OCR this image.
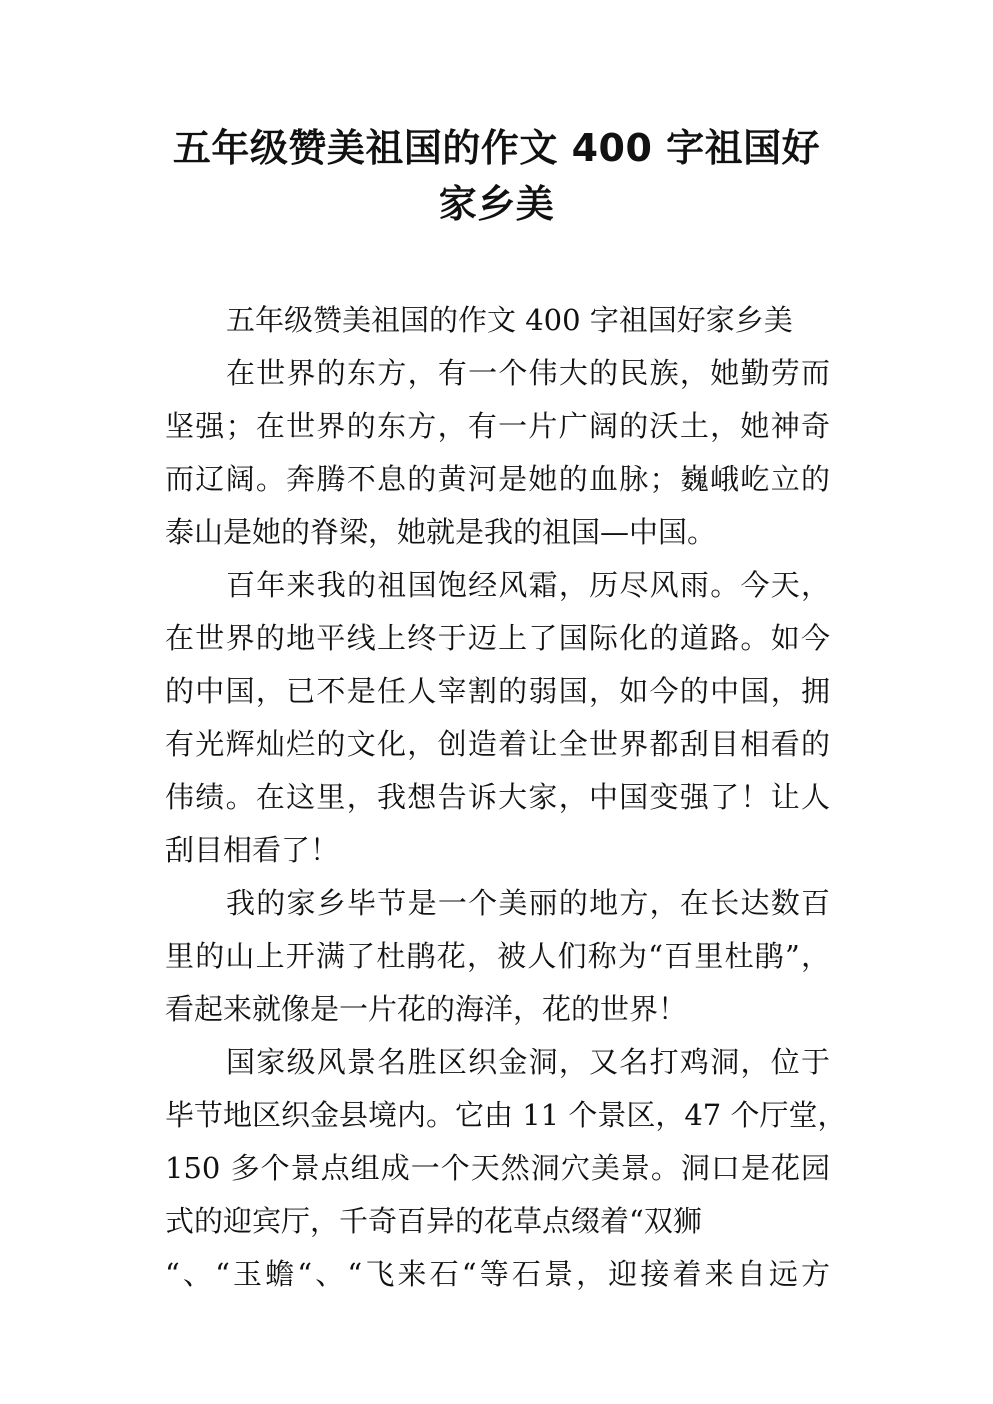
五年级赞美祖国的作文 400 字祖国好
家乡美
五年级赞美祖国的作文 400 字祖国好家乡美
在世界的东方，有一个伟大的民族，她勤劳而
坚强；在世界的东方，有一片广阔的沃土，她神奇
而辽阔。奔腾不息的黄河是她的血脉；巍峨屹立的
泰山是她的脊梁，她就是我的祖国—中国。
百年来我的祖国饱经风霜，历尽风雨。今天，
在世界的地平线上终于迈上了国际化的道路。如今
的中国，已不是任人宰割的弱国，如今的中国，拥
有光辉灿烂的文化，创造着让全世界都刮目相看的
伟绩。在这里，我想告诉大家，中国变强了！让人
刮目相看了！
我的家乡毕节是一个美丽的地方，在长达数百
里的山上开满了杜鹃花，被人们称为“百里杜鹃”，
看起来就像是一片花的海洋，花的世界！
国家级风景名胜区织金洞，又名打鸡洞，位于
毕节地区织金县境内。它由 11 个景区，47 个厅堂，
150 多个景点组成一个天然洞穴美景。洞口是花园
式的迎宾厅，千奇百异的花草点缀着“双狮
“、“玉蟾“、“飞来石“等石景，迎接着来自远方
